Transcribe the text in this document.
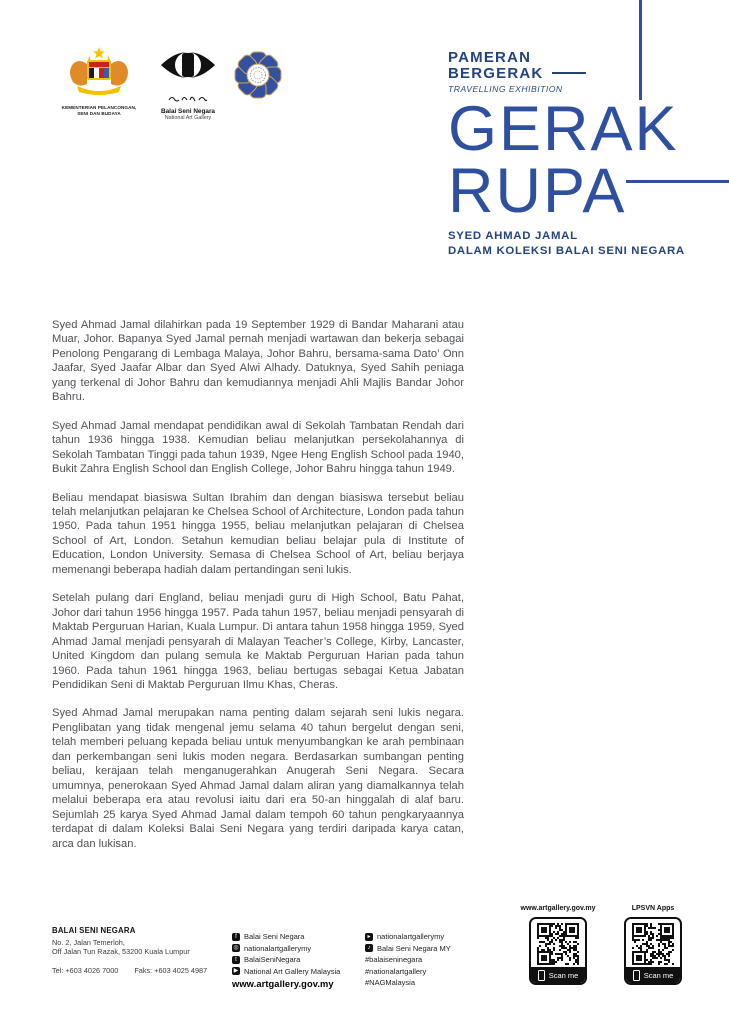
KEMENTERIAN PELANCONGAN,
SENI DAN BUDAYA
	Balai Seni Negara
National Art Gallery
PAMERAN
BERGERAK
TRAVELLING EXHIBITION
GERAK
RUPA
SYED AHMAD JAMAL
DALAM KOLEKSI BALAI SENI NEGARA

Syed Ahmad Jamal dilahirkan pada 19 September 1929 di Bandar Maharani atau Muar, Johor. Bapanya Syed Jamal pernah menjadi wartawan dan bekerja sebagai Penolong Pengarang di Lembaga Malaya, Johor Bahru, bersama-sama Dato’ Onn Jaafar, Syed Jaafar Albar dan Syed Alwi Alhady. Datuknya, Syed Sahih peniaga yang terkenal di Johor Bahru dan kemudiannya menjadi Ahli Majlis Bandar Johor Bahru.

Syed Ahmad Jamal mendapat pendidikan awal di Sekolah Tambatan Rendah dari tahun 1936 hingga 1938. Kemudian beliau melanjutkan persekolahannya di Sekolah Tambatan Tinggi pada tahun 1939, Ngee Heng English School pada 1940, Bukit Zahra English School dan English College, Johor Bahru hingga tahun 1949.

Beliau mendapat biasiswa Sultan Ibrahim dan dengan biasiswa tersebut beliau telah melanjutkan pelajaran ke Chelsea School of Architecture, London pada tahun 1950. Pada tahun 1951 hingga 1955, beliau melanjutkan pelajaran di Chelsea School of Art, London. Setahun kemudian beliau belajar pula di Institute of Education, London University. Semasa di Chelsea School of Art, beliau berjaya memenangi beberapa hadiah dalam pertandingan seni lukis.

Setelah pulang dari England, beliau menjadi guru di High School, Batu Pahat, Johor dari tahun 1956 hingga 1957. Pada tahun 1957, beliau menjadi pensyarah di Maktab Perguruan Harian, Kuala Lumpur. Di antara tahun 1958 hingga 1959, Syed Ahmad Jamal menjadi pensyarah di Malayan Teacher’s College, Kirby, Lancaster, United Kingdom dan pulang semula ke Maktab Perguruan Harian pada tahun 1960. Pada tahun 1961 hingga 1963, beliau bertugas sebagai Ketua Jabatan Pendidikan Seni di Maktab Perguruan Ilmu Khas, Cheras.

Syed Ahmad Jamal merupakan nama penting dalam sejarah seni lukis negara. Penglibatan yang tidak mengenal jemu selama 40 tahun bergelut dengan seni, telah memberi peluang kepada beliau untuk menyumbangkan ke arah pembinaan dan perkembangan seni lukis moden negara. Berdasarkan sumbangan penting beliau, kerajaan telah menganugerahkan Anugerah Seni Negara. Secara umumnya, penerokaan Syed Ahmad Jamal dalam aliran yang diamalkannya telah melalui beberapa era atau revolusi iaitu dari era 50-an hinggalah di alaf baru. Sejumlah 25 karya Syed Ahmad Jamal dalam tempoh 60 tahun pengkaryaannya terdapat di dalam Koleksi Balai Seni Negara yang terdiri daripada karya catan, arca dan lukisan.

BALAI SENI NEGARA
No. 2, Jalan Temerloh,
Off Jalan Tun Razak, 53200 Kuala Lumpur
Tel: +603 4026 7000 Faks: +603 4025 4987
f Balai Seni Negara
◎ nationalartgallerymy
t BalaiSeniNegara
▶ National Art Gallery Malaysia
www.artgallery.gov.my
▸ nationalartgallerymy
♪ Balai Seni Negara MY
#balaiseninegara
#nationalartgallery
#NAGMalaysia
www.artgallery.gov.my
Scan me
LPSVN Apps
Scan me
